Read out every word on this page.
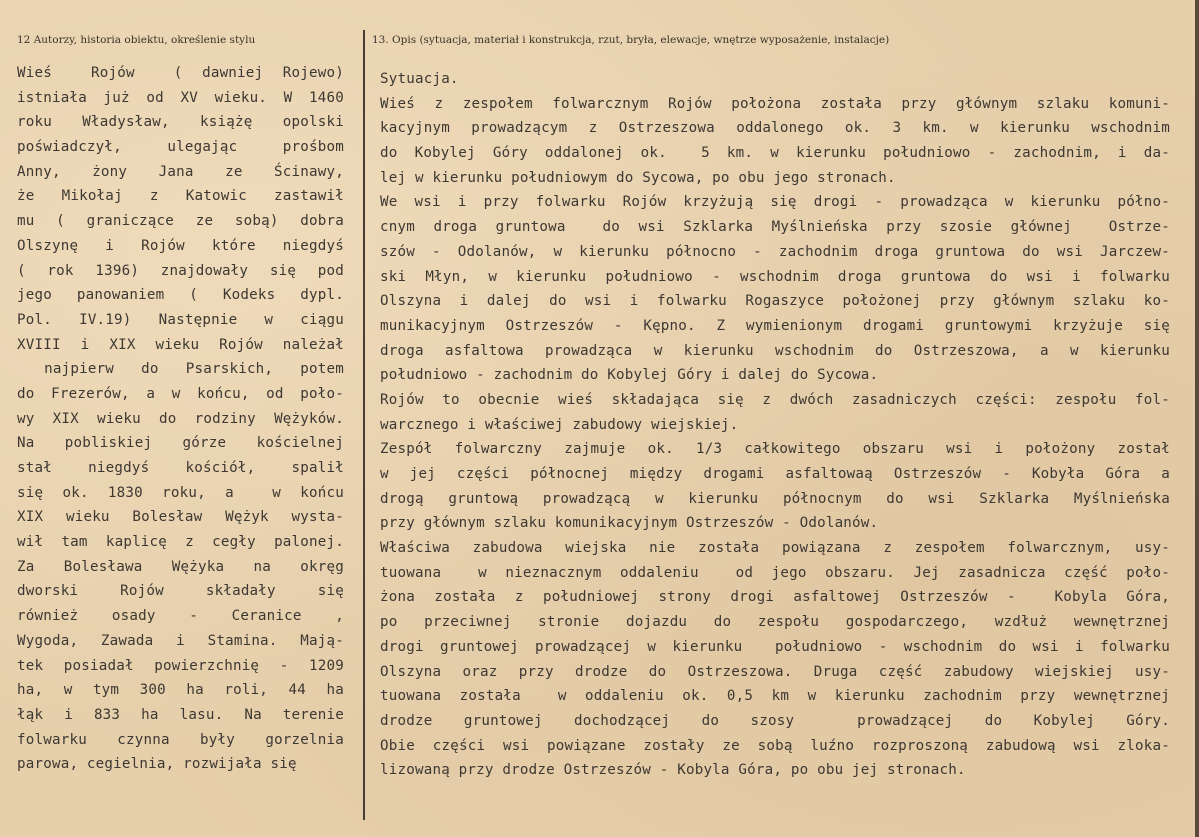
12 Autorzy, historia obiektu, określenie stylu	13. Opis (sytuacja, materiał i konstrukcja, rzut, bryła, elewacje, wnętrze wyposażenie, instalacje)
Wieś  Rojów  ( dawniej Rojewo)
istniała już od XV wieku. W 1460
roku Władysław, książę opolski
poświadczył, ulegając prośbom
Anny, żony Jana ze Ścinawy,
że Mikołaj z Katowic zastawił
mu ( graniczące ze sobą) dobra
Olszynę i Rojów które niegdyś
( rok 1396) znajdowały się pod
jego panowaniem ( Kodeks dypl.
Pol. IV.19) Następnie w ciągu
XVIII i XIX wieku Rojów należał
najpierw do Psarskich, potem
do Frezerów, a w końcu, od poło-
wy XIX wieku do rodziny Wężyków.
Na pobliskiej górze kościelnej
stał niegdyś kościół, spalił
się ok. 1830 roku, a  w końcu
XIX wieku Bolesław Wężyk wysta-
wił tam kaplicę z cegły palonej.
Za Bolesława Wężyka na okręg
dworski Rojów składały się
również osady - Ceranice ,
Wygoda, Zawada i Stamina. Mają-
tek posiadał powierzchnię - 1209
ha, w tym 300 ha roli, 44 ha
łąk i 833 ha lasu. Na terenie
folwarku czynna były gorzelnia
parowa, cegielnia, rozwijała się
Sytuacja.
Wieś z zespołem folwarcznym Rojów położona została przy głównym szlaku komuni-
kacyjnym prowadzącym z Ostrzeszowa oddalonego ok. 3 km. w kierunku wschodnim
do Kobylej Góry oddalonej ok.  5 km. w kierunku południowo - zachodnim, i da-
lej w kierunku południowym do Sycowa, po obu jego stronach.
We wsi i przy folwarku Rojów krzyżują się drogi - prowadząca w kierunku półno-
cnym droga gruntowa  do wsi Szklarka Myślnieńska przy szosie głównej  Ostrze-
szów - Odolanów, w kierunku północno - zachodnim droga gruntowa do wsi Jarczew-
ski Młyn, w kierunku południowo - wschodnim droga gruntowa do wsi i folwarku
Olszyna i dalej do wsi i folwarku Rogaszyce położonej przy głównym szlaku ko-
munikacyjnym Ostrzeszów - Kępno. Z wymienionym drogami gruntowymi krzyżuje się
droga asfaltowa prowadząca w kierunku wschodnim do Ostrzeszowa, a w kierunku
południowo - zachodnim do Kobylej Góry i dalej do Sycowa.
Rojów to obecnie wieś składająca się z dwóch zasadniczych części: zespołu fol-
warcznego i właściwej zabudowy wiejskiej.
Zespół folwarczny zajmuje ok. 1/3 całkowitego obszaru wsi i położony został
w jej części północnej między drogami asfaltowaą Ostrzeszów - Kobyła Góra a
drogą gruntową prowadzącą w kierunku północnym do wsi Szklarka Myślnieńska
przy głównym szlaku komunikacyjnym Ostrzeszów - Odolanów.
Właściwa zabudowa wiejska nie została powiązana z zespołem folwarcznym, usy-
tuowana  w nieznacznym oddaleniu  od jego obszaru. Jej zasadnicza część poło-
żona została z południowej strony drogi asfaltowej Ostrzeszów -  Kobyla Góra,
po przeciwnej stronie dojazdu do zespołu gospodarczego, wzdłuż wewnętrznej
drogi gruntowej prowadzącej w kierunku  południowo - wschodnim do wsi i folwarku
Olszyna oraz przy drodze do Ostrzeszowa. Druga część zabudowy wiejskiej usy-
tuowana została  w oddaleniu ok. 0,5 km w kierunku zachodnim przy wewnętrznej
drodze gruntowej dochodzącej do szosy  prowadzącej do Kobylej Góry.
Obie części wsi powiązane zostały ze sobą luźno rozproszoną zabudową wsi zloka-
lizowaną przy drodze Ostrzeszów - Kobyla Góra, po obu jej stronach.
